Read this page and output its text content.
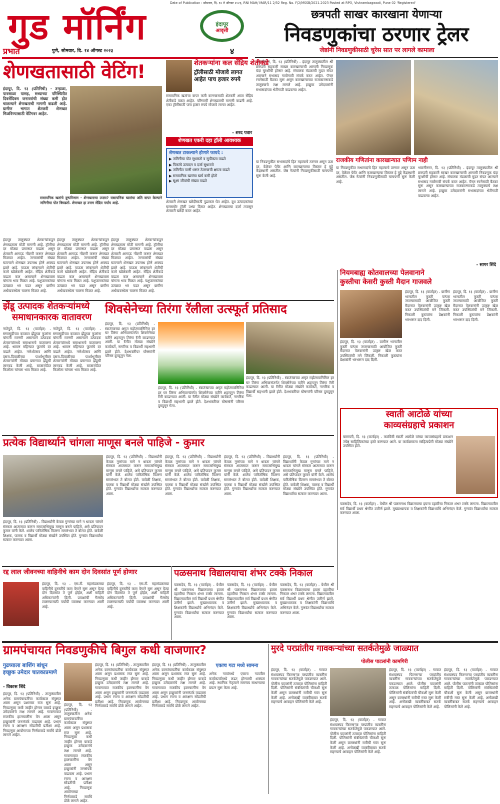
Date of Publication : सोमवार, दि. १४ ते ऑगस्ट २०२३, RNI MAH/ MAR/11 2/52 Reg. No. F/2/MSSB/2021-2023 Posted at RPO, Vishrambagwadi, Pune 02 'Registered'
प्रभात
गुड मॉर्निंग	इंदापूर
आवृत्ती
पुणे, सोमवार, दि. १४ ऑगस्ट २०२३	४
छत्रपती साखर कारखाना येणाऱ्या
निवडणुकांचा ठरणार ट्रेलर
जेष्ठांनी निवडणुकीसाठी चुरेस सात पर लागले कामाला
भवानीनगर, दि. १३ (प्रतिनिधी) - इंदापूर तालुक्यातील श्री छत्रपती सहकारी साखर कारखान्याची आगामी निवडणूक यंदा चुरशीची होणार आहे. संचालक मंडळाची मुदत संपत आल्याने सभासद गावोगावी संपर्क करत आहेत. पॅनल रचनेसाठी बैठका सुरू असून कारखान्याच्या राजकारणाकडे तालुक्याचे लक्ष लागले आहे. इच्छुक उमेदवारांनी सभासदांच्या भेटीगाठी वाढवल्या आहेत.
राजकीय गणितांना कारखान्यात पणिाम नाही
या निवडणुकीत सभासदांचे हित महत्त्वाचे ठरणार असून ऊस दर, वेळेवर पेमेंट आणि कारखान्याचा विस्तार हे मुद्दे केंद्रस्थानी असतील. जेष्ठ नेत्यांनी निवडणुकीसाठी चाचपणी सुरू केली आहे.
भवानीनगर, दि. १३ (प्रतिनिधी) - इंदापूर तालुक्यातील श्री छत्रपती सहकारी साखर कारखान्याची आगामी निवडणूक यंदा चुरशीची होणार आहे. संचालक मंडळाची मुदत संपत आल्याने सभासद गावोगावी संपर्क करत आहेत. पॅनल रचनेसाठी बैठका सुरू असून कारखान्याच्या राजकारणाकडे तालुक्याचे लक्ष लागले आहे. इच्छुक उमेदवारांनी सभासदांच्या भेटीगाठी वाढवल्या आहेत.
या निवडणुकीत सभासदांचे हित महत्त्वाचे ठरणार असून ऊस दर, वेळेवर पेमेंट आणि कारखान्याचा विस्तार हे मुद्दे केंद्रस्थानी असतील. जेष्ठ नेत्यांनी निवडणुकीसाठी चाचपणी सुरू केली आहे.
- सागर शिंदे
शेणखतासाठी वेटिंग!
इंदापूर, दि. १३ (प्रतिनिधी) - उन्हाळा, पावसाळा यासह, सध्याच्या परिस्थितीत दिवसेंदिवस जनावरांची संख्या कमी होत चालल्याने शेणखताची मागणी वाढली आहे. ग्रामीण भागात शेतकरी शेणखत मिळविण्यासाठी वेटिंगवर आहेत.
रासायनिक खतांचे दुष्परिणाम - शेणखताचा उपाय? रासायनिक खतांचा अति वापर केल्याने जमिनीचा पोत बिघडतो. शेणखत हा उत्तम सेंद्रिय पर्याय आहे.
इंदापूर तालुक्यात शेतकऱ्यांकडून शेणखताला मोठी मागणी आहे. ट्रॉलीचा दर मोठ्या प्रमाणात वाढला असून शेतकरी आगाऊ नोंदणी करून शेणखत मिळवत आहेत. जनावरांची संख्या घटल्याने शेणखत उपलब्ध होणे अवघड झाले आहे. पाऊस लांबल्याने शेतीची कामे खोळंबली आहेत. सेंद्रिय शेतीकडे वाढता कल असल्याने शेणखताला चांगला भाव मिळत आहे. पशुपालकांच्या उत्पन्नात भर पडत असून ग्रामीण अर्थव्यवस्थेला चालना मिळत आहे.
इंदापूर तालुक्यात शेतकऱ्यांकडून शेणखताला मोठी मागणी आहे. ट्रॉलीचा दर मोठ्या प्रमाणात वाढला असून शेतकरी आगाऊ नोंदणी करून शेणखत मिळवत आहेत. जनावरांची संख्या घटल्याने शेणखत उपलब्ध होणे अवघड झाले आहे. पाऊस लांबल्याने शेतीची कामे खोळंबली आहेत. सेंद्रिय शेतीकडे वाढता कल असल्याने शेणखताला चांगला भाव मिळत आहे. पशुपालकांच्या उत्पन्नात भर पडत असून ग्रामीण अर्थव्यवस्थेला चालना मिळत आहे.
इंदापूर तालुक्यात शेतकऱ्यांकडून शेणखताला मोठी मागणी आहे. ट्रॉलीचा दर मोठ्या प्रमाणात वाढला असून शेतकरी आगाऊ नोंदणी करून शेणखत मिळवत आहेत. जनावरांची संख्या घटल्याने शेणखत उपलब्ध होणे अवघड झाले आहे. पाऊस लांबल्याने शेतीची कामे खोळंबली आहेत. सेंद्रिय शेतीकडे वाढता कल असल्याने शेणखताला चांगला भाव मिळत आहे. पशुपालकांच्या उत्पन्नात भर पडत असून ग्रामीण अर्थव्यवस्थेला चालना मिळत आहे.
शेतकऱ्यांना कल सेंद्रिय शेतीकडे
ट्रॉलीसाठी मोजावे लागत आहेत पाच हजार रुपये
रासायनिक खतांचा वापर कमी करण्यासाठी शेतकरी आता सेंद्रिय शेतीकडे वळत आहेत. परिणामी शेणखताची मागणी वाढली आहे. एका ट्रॉलीसाठी पाच हजार रुपये मोजावे लागत आहेत.
- शरद पवार
शेणखत एकरी दहा ट्रॉली आवश्यक
शेणखत टाकल्याने होणारे फायदे :
▶ जमिनीचा पोत सुधारतो व सुपीकता वाढते
▶ पिकांचे उत्पादन व दर्जा सुधारतो
▶ जमिनीत पाणी धरून ठेवण्याची क्षमता वाढते
▶ रासायनिक खतांचा खर्च कमी होतो
▶ सूक्ष्म जीवांची संख्या वाढते
शेतकरी शेणखत खरेदीसाठी पुढाकार घेत आहेत. दूध उत्पादकांच्या घरासमोर ट्रॉली उभ्या दिसत आहेत. शेणखताचा दर्जा तपासून शेतकरी खरेदी करत आहेत.
झेंडू उत्पादक शेतकऱ्यांमध्ये
समाधानकारक वातावरण
नातेपुते, दि. १३ (वार्ताहर) - सणासुदीच्या काळात झेंडूच्या फुलांना चांगली मागणी असल्याने उत्पादक शेतकऱ्यांमध्ये समाधानाचे वातावरण आहे. श्रावण महिन्यात फुलांचे दर वाढले आहेत. गणेशोत्सव आणि दसरा-दिवाळीच्या पार्श्वभूमीवर शेतकऱ्यांनी मोठ्या प्रमाणात झेंडूची लागवड केली आहे. बाजारपेठेत किलोला चांगला भाव मिळत आहे.
नातेपुते, दि. १३ (वार्ताहर) - सणासुदीच्या काळात झेंडूच्या फुलांना चांगली मागणी असल्याने उत्पादक शेतकऱ्यांमध्ये समाधानाचे वातावरण आहे. श्रावण महिन्यात फुलांचे दर वाढले आहेत. गणेशोत्सव आणि दसरा-दिवाळीच्या पार्श्वभूमीवर शेतकऱ्यांनी मोठ्या प्रमाणात झेंडूची लागवड केली आहे. बाजारपेठेत किलोला चांगला भाव मिळत आहे.
शिवसेनेच्या तिरंगा रॅलीला उत्स्फूर्त प्रतिसाद
इंदापूर, दि. १३ (प्रतिनिधी) - स्वातंत्र्याच्या अमृत महोत्सवानिमित्त हर घर तिरंगा अभियानांतर्गत शिवसेनेच्या वतीने शहरातून तिरंगा रॅली काढण्यात आली. या रॅलीत मोठ्या संख्येने कार्यकर्ते, नागरिक व विद्यार्थी सहभागी झाले होते. देशभक्तीपर घोषणांनी परिसर दुमदुमून गेला.
इंदापूर, दि. १३ (प्रतिनिधी) - स्वातंत्र्याच्या अमृत महोत्सवानिमित्त हर घर तिरंगा अभियानांतर्गत शिवसेनेच्या वतीने शहरातून तिरंगा रॅली काढण्यात आली. या रॅलीत मोठ्या संख्येने कार्यकर्ते, नागरिक व विद्यार्थी सहभागी झाले होते. देशभक्तीपर घोषणांनी परिसर दुमदुमून गेला.
इंदापूर, दि. १३ (प्रतिनिधी) - स्वातंत्र्याच्या अमृत महोत्सवानिमित्त हर घर तिरंगा अभियानांतर्गत शिवसेनेच्या वतीने शहरातून तिरंगा रॅली काढण्यात आली. या रॅलीत मोठ्या संख्येने कार्यकर्ते, नागरिक व विद्यार्थी सहभागी झाले होते. देशभक्तीपर घोषणांनी परिसर दुमदुमून गेला.
नियमबाह्य कोतवालच्या पेलवानाने
कुस्तीचा केसरी कुस्ती मैदान गाजवले
इंदापूर, दि. १३ (वार्ताहर) - ग्रामीण भागातील कुस्ती परंपरा जपण्यासाठी आयोजित कुस्ती मैदानात पेलवानांनी उत्कृष्ट खेळ करत उपस्थितांची मने जिंकली. निकाली कुस्त्यांना प्रेक्षकांनी भरभरून दाद दिली.
इंदापूर, दि. १३ (वार्ताहर) - ग्रामीण भागातील कुस्ती परंपरा जपण्यासाठी आयोजित कुस्ती मैदानात पेलवानांनी उत्कृष्ट खेळ करत उपस्थितांची मने जिंकली. निकाली कुस्त्यांना प्रेक्षकांनी भरभरून दाद दिली.
इंदापूर, दि. १३ (वार्ताहर) - ग्रामीण भागातील कुस्ती परंपरा जपण्यासाठी आयोजित कुस्ती मैदानात पेलवानांनी उत्कृष्ट खेळ करत उपस्थितांची मने जिंकली. निकाली कुस्त्यांना प्रेक्षकांनी भरभरून दाद दिली.
स्वाती आटोळे यांच्या
काव्यसंग्रहाचे प्रकाशन
बारामती, दि. १३ (वार्ताहर) - कवयित्री स्वाती आटोळे यांच्या काव्यसंग्रहाचे प्रकाशन ज्येष्ठ साहित्यिकांच्या हस्ते करण्यात आले. या कार्यक्रमाला साहित्यप्रेमी मोठ्या संख्येने उपस्थित होते.
प्रत्येक विद्यार्थ्याने चांगला माणूस बनले पाहिजे - कुमार
इंदापूर, दि. १३ (प्रतिनिधी) - विद्यार्थ्यांनी केवळ गुणांच्या मागे न धावता चांगले संस्कार आत्मसात करून समाजाभिमुख माणूस बनले पाहिजे, असे प्रतिपादन कुमार यांनी केले. शालेय पारितोषिक वितरण समारंभात ते बोलत होते. यावेळी शिक्षक, पालक व विद्यार्थी मोठ्या संख्येने उपस्थित होते. गुणवंत विद्यार्थ्यांचा सत्कार करण्यात आला.
इंदापूर, दि. १३ (प्रतिनिधी) - विद्यार्थ्यांनी केवळ गुणांच्या मागे न धावता चांगले संस्कार आत्मसात करून समाजाभिमुख माणूस बनले पाहिजे, असे प्रतिपादन कुमार यांनी केले. शालेय पारितोषिक वितरण समारंभात ते बोलत होते. यावेळी शिक्षक, पालक व विद्यार्थी मोठ्या संख्येने उपस्थित होते. गुणवंत विद्यार्थ्यांचा सत्कार करण्यात आला.
इंदापूर, दि. १३ (प्रतिनिधी) - विद्यार्थ्यांनी केवळ गुणांच्या मागे न धावता चांगले संस्कार आत्मसात करून समाजाभिमुख माणूस बनले पाहिजे, असे प्रतिपादन कुमार यांनी केले. शालेय पारितोषिक वितरण समारंभात ते बोलत होते. यावेळी शिक्षक, पालक व विद्यार्थी मोठ्या संख्येने उपस्थित होते. गुणवंत विद्यार्थ्यांचा सत्कार करण्यात आला.
इंदापूर, दि. १३ (प्रतिनिधी) - विद्यार्थ्यांनी केवळ गुणांच्या मागे न धावता चांगले संस्कार आत्मसात करून समाजाभिमुख माणूस बनले पाहिजे, असे प्रतिपादन कुमार यांनी केले. शालेय पारितोषिक वितरण समारंभात ते बोलत होते. यावेळी शिक्षक, पालक व विद्यार्थी मोठ्या संख्येने उपस्थित होते. गुणवंत विद्यार्थ्यांचा सत्कार करण्यात आला.
इंदापूर, दि. १३ (प्रतिनिधी) - विद्यार्थ्यांनी केवळ गुणांच्या मागे न धावता चांगले संस्कार आत्मसात करून समाजाभिमुख माणूस बनले पाहिजे, असे प्रतिपादन कुमार यांनी केले. शालेय पारितोषिक वितरण समारंभात ते बोलत होते. यावेळी शिक्षक, पालक व विद्यार्थी मोठ्या संख्येने उपस्थित होते. गुणवंत विद्यार्थ्यांचा सत्कार करण्यात आला.
रद्द लाल जीवनच्या वाहिनीचे काम दोन दिवसांत पूर्ण होणार
इंदापूर, दि. १३ - एस.टी. महामंडळाच्या वाहिनीचे दुरुस्तीचे काम वेगाने सुरू असून येत्या दोन दिवसांत ते पूर्ण होईल, अशी माहिती अधिकाऱ्यांनी दिली. प्रवाशांची गैरसोय टाळण्यासाठी पर्यायी व्यवस्था करण्यात आली आहे.
इंदापूर, दि. १३ - एस.टी. महामंडळाच्या वाहिनीचे दुरुस्तीचे काम वेगाने सुरू असून येत्या दोन दिवसांत ते पूर्ण होईल, अशी माहिती अधिकाऱ्यांनी दिली. प्रवाशांची गैरसोय टाळण्यासाठी पर्यायी व्यवस्था करण्यात आली आहे.
पळसनाथ विद्यालयाचा शंभर टक्के निकाल
पळसदेव, दि. १३ (वार्ताहर) - येथील श्री पळसनाथ विद्यालयाचा इयत्ता दहावीचा निकाल शंभर टक्के लागला. विद्यालयातील सर्व विद्यार्थी प्रथम श्रेणीत उत्तीर्ण झाले. मुख्याध्यापक व शिक्षकांनी विद्यार्थ्यांचे अभिनंदन केले. गुणवंत विद्यार्थ्यांचा सत्कार करण्यात आला.
पळसदेव, दि. १३ (वार्ताहर) - येथील श्री पळसनाथ विद्यालयाचा इयत्ता दहावीचा निकाल शंभर टक्के लागला. विद्यालयातील सर्व विद्यार्थी प्रथम श्रेणीत उत्तीर्ण झाले. मुख्याध्यापक व शिक्षकांनी विद्यार्थ्यांचे अभिनंदन केले. गुणवंत विद्यार्थ्यांचा सत्कार करण्यात आला.
पळसदेव, दि. १३ (वार्ताहर) - येथील श्री पळसनाथ विद्यालयाचा इयत्ता दहावीचा निकाल शंभर टक्के लागला. विद्यालयातील सर्व विद्यार्थी प्रथम श्रेणीत उत्तीर्ण झाले. मुख्याध्यापक व शिक्षकांनी विद्यार्थ्यांचे अभिनंदन केले. गुणवंत विद्यार्थ्यांचा सत्कार करण्यात आला.
पळसदेव, दि. १३ (वार्ताहर) - येथील श्री पळसनाथ विद्यालयाचा इयत्ता दहावीचा निकाल शंभर टक्के लागला. विद्यालयातील सर्व विद्यार्थी प्रथम श्रेणीत उत्तीर्ण झाले. मुख्याध्यापक व शिक्षकांनी विद्यार्थ्यांचे अभिनंदन केले. गुणवंत विद्यार्थ्यांचा सत्कार करण्यात आला.
ग्रामपंचायत निवडणुकीचे बिगुल कधी वाजणार?
गुढघ्याला बाशिंग बांधून इच्छुक उमेदार चातकाप्रमाणे
- विकास शिंदे
इंदापूर, दि. १३ (प्रतिनिधी) - तालुक्यातील अनेक ग्रामपंचायतींचा कार्यकाळ संपुष्टात आला असून प्रशासक राज सुरू आहे. निवडणुका कधी जाहीर होणार याकडे इच्छुक उमेदवारांचे लक्ष लागले आहे. गावागावात राजकीय हालचालींना वेग आला असून इच्छुकांनी जनसंपर्क वाढवला आहे. प्रभाग रचना व आरक्षण सोडतीची प्रतीक्षा आहे. निवडणूक आयोगाच्या निर्णयाकडे सर्वांचे डोळे लागले आहेत.
इंदापूर, दि. १३ (प्रतिनिधी) - तालुक्यातील अनेक ग्रामपंचायतींचा कार्यकाळ संपुष्टात आला असून प्रशासक राज सुरू आहे. निवडणुका कधी जाहीर होणार याकडे इच्छुक उमेदवारांचे लक्ष लागले आहे. गावागावात राजकीय हालचालींना वेग आला असून इच्छुकांनी जनसंपर्क वाढवला आहे. प्रभाग रचना व आरक्षण सोडतीची प्रतीक्षा आहे. निवडणूक आयोगाच्या निर्णयाकडे सर्वांचे डोळे लागले आहेत.
इंदापूर, दि. १३ (प्रतिनिधी) - तालुक्यातील अनेक ग्रामपंचायतींचा कार्यकाळ संपुष्टात आला असून प्रशासक राज सुरू आहे. निवडणुका कधी जाहीर होणार याकडे इच्छुक उमेदवारांचे लक्ष लागले आहे. गावागावात राजकीय हालचालींना वेग आला असून इच्छुकांनी जनसंपर्क वाढवला आहे. प्रभाग रचना व आरक्षण सोडतीची प्रतीक्षा आहे. निवडणूक आयोगाच्या निर्णयाकडे सर्वांचे डोळे लागले आहेत.
इंदापूर, दि. १३ (प्रतिनिधी) - तालुक्यातील अनेक ग्रामपंचायतींचा कार्यकाळ संपुष्टात आला असून प्रशासक राज सुरू आहे. निवडणुका कधी जाहीर होणार याकडे इच्छुक उमेदवारांचे लक्ष लागले आहे. गावागावात राजकीय हालचालींना वेग आला असून इच्छुकांनी जनसंपर्क वाढवला आहे. प्रभाग रचना व आरक्षण सोडतीची प्रतीक्षा आहे. निवडणूक आयोगाच्या निर्णयाकडे सर्वांचे डोळे लागले आहेत.
एकाच गटा मध्ये सामना
अनेक गावांमध्ये एकाच गटातील कार्यकर्त्यांमध्ये लढत होण्याची शक्यता आहे. स्थानिक नेतृत्वाने समन्वय साधण्याचा प्रयत्न सुरू केला आहे.
मुरदे परप्रांतीय गावकऱ्यांच्या सतर्कतेमुळे जाळ्यात
पोलीस पाटलांनी कामगिरी
इंदापूर, दि. १३ (वार्ताहर) - गावात संशयास्पद फिरणाऱ्या परप्रांतीय व्यक्तींना गावकऱ्यांच्या सतर्कतेमुळे पकडण्यात आले. पोलीस पाटलांनी तत्काळ पोलिसांना माहिती दिली. पोलिसांनी संबंधितांची चौकशी सुरू केली असून ग्रामस्थांनी रात्रीची गस्त सुरू केली आहे. अनोळखी व्यक्तींबाबत सतर्क राहण्याचे आवाहन पोलिसांनी केले आहे.
इंदापूर, दि. १३ (वार्ताहर) - गावात संशयास्पद फिरणाऱ्या परप्रांतीय व्यक्तींना गावकऱ्यांच्या सतर्कतेमुळे पकडण्यात आले. पोलीस पाटलांनी तत्काळ पोलिसांना माहिती दिली. पोलिसांनी संबंधितांची चौकशी सुरू केली असून ग्रामस्थांनी रात्रीची गस्त सुरू केली आहे. अनोळखी व्यक्तींबाबत सतर्क राहण्याचे आवाहन पोलिसांनी केले आहे.
इंदापूर, दि. १३ (वार्ताहर) - गावात संशयास्पद फिरणाऱ्या परप्रांतीय व्यक्तींना गावकऱ्यांच्या सतर्कतेमुळे पकडण्यात आले. पोलीस पाटलांनी तत्काळ पोलिसांना माहिती दिली. पोलिसांनी संबंधितांची चौकशी सुरू केली असून ग्रामस्थांनी रात्रीची गस्त सुरू केली आहे. अनोळखी व्यक्तींबाबत सतर्क राहण्याचे आवाहन पोलिसांनी केले आहे.
इंदापूर, दि. १३ (वार्ताहर) - गावात संशयास्पद फिरणाऱ्या परप्रांतीय व्यक्तींना गावकऱ्यांच्या सतर्कतेमुळे पकडण्यात आले. पोलीस पाटलांनी तत्काळ पोलिसांना माहिती दिली. पोलिसांनी संबंधितांची चौकशी सुरू केली असून ग्रामस्थांनी रात्रीची गस्त सुरू केली आहे. अनोळखी व्यक्तींबाबत सतर्क राहण्याचे आवाहन पोलिसांनी केले आहे.
